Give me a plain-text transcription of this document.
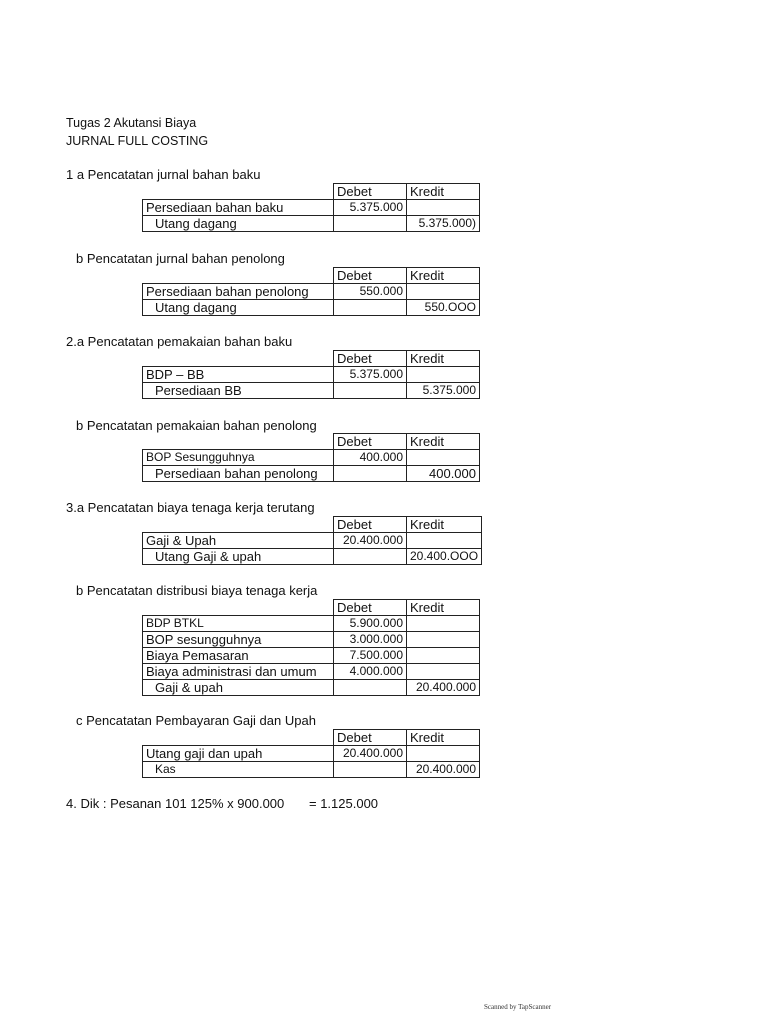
Tugas 2 Akutansi Biaya
JURNAL FULL COSTING
1 a Pencatatan jurnal bahan baku
	Debet	Kredit
Persediaan bahan baku	5.375.000	
Utang dagang		5.375.000)
b Pencatatan jurnal bahan penolong
	Debet	Kredit
Persediaan bahan penolong	550.000	
Utang dagang		550.OOO
2.a Pencatatan pemakaian bahan baku
	Debet	Kredit
BDP – BB	5.375.000	
Persediaan BB		5.375.000
b Pencatatan pemakaian bahan penolong
	Debet	Kredit
BOP Sesungguhnya	400.000	
Persediaan bahan penolong		400.000
3.a Pencatatan biaya tenaga kerja terutang
	Debet	Kredit
Gaji & Upah	20.400.000	
Utang Gaji & upah		20.400.OOO
b Pencatatan distribusi biaya tenaga kerja
	Debet	Kredit
BDP BTKL	5.900.000	
BOP sesungguhnya	3.000.000	
Biaya Pemasaran	7.500.000	
Biaya administrasi dan umum	4.000.000	
Gaji & upah		20.400.000
c Pencatatan Pembayaran Gaji dan Upah
	Debet	Kredit
Utang gaji dan upah	20.400.000	
Kas		20.400.000
4. Dik : Pesanan 101 125% x 900.000 = 1.125.000
Scanned by TapScanner
